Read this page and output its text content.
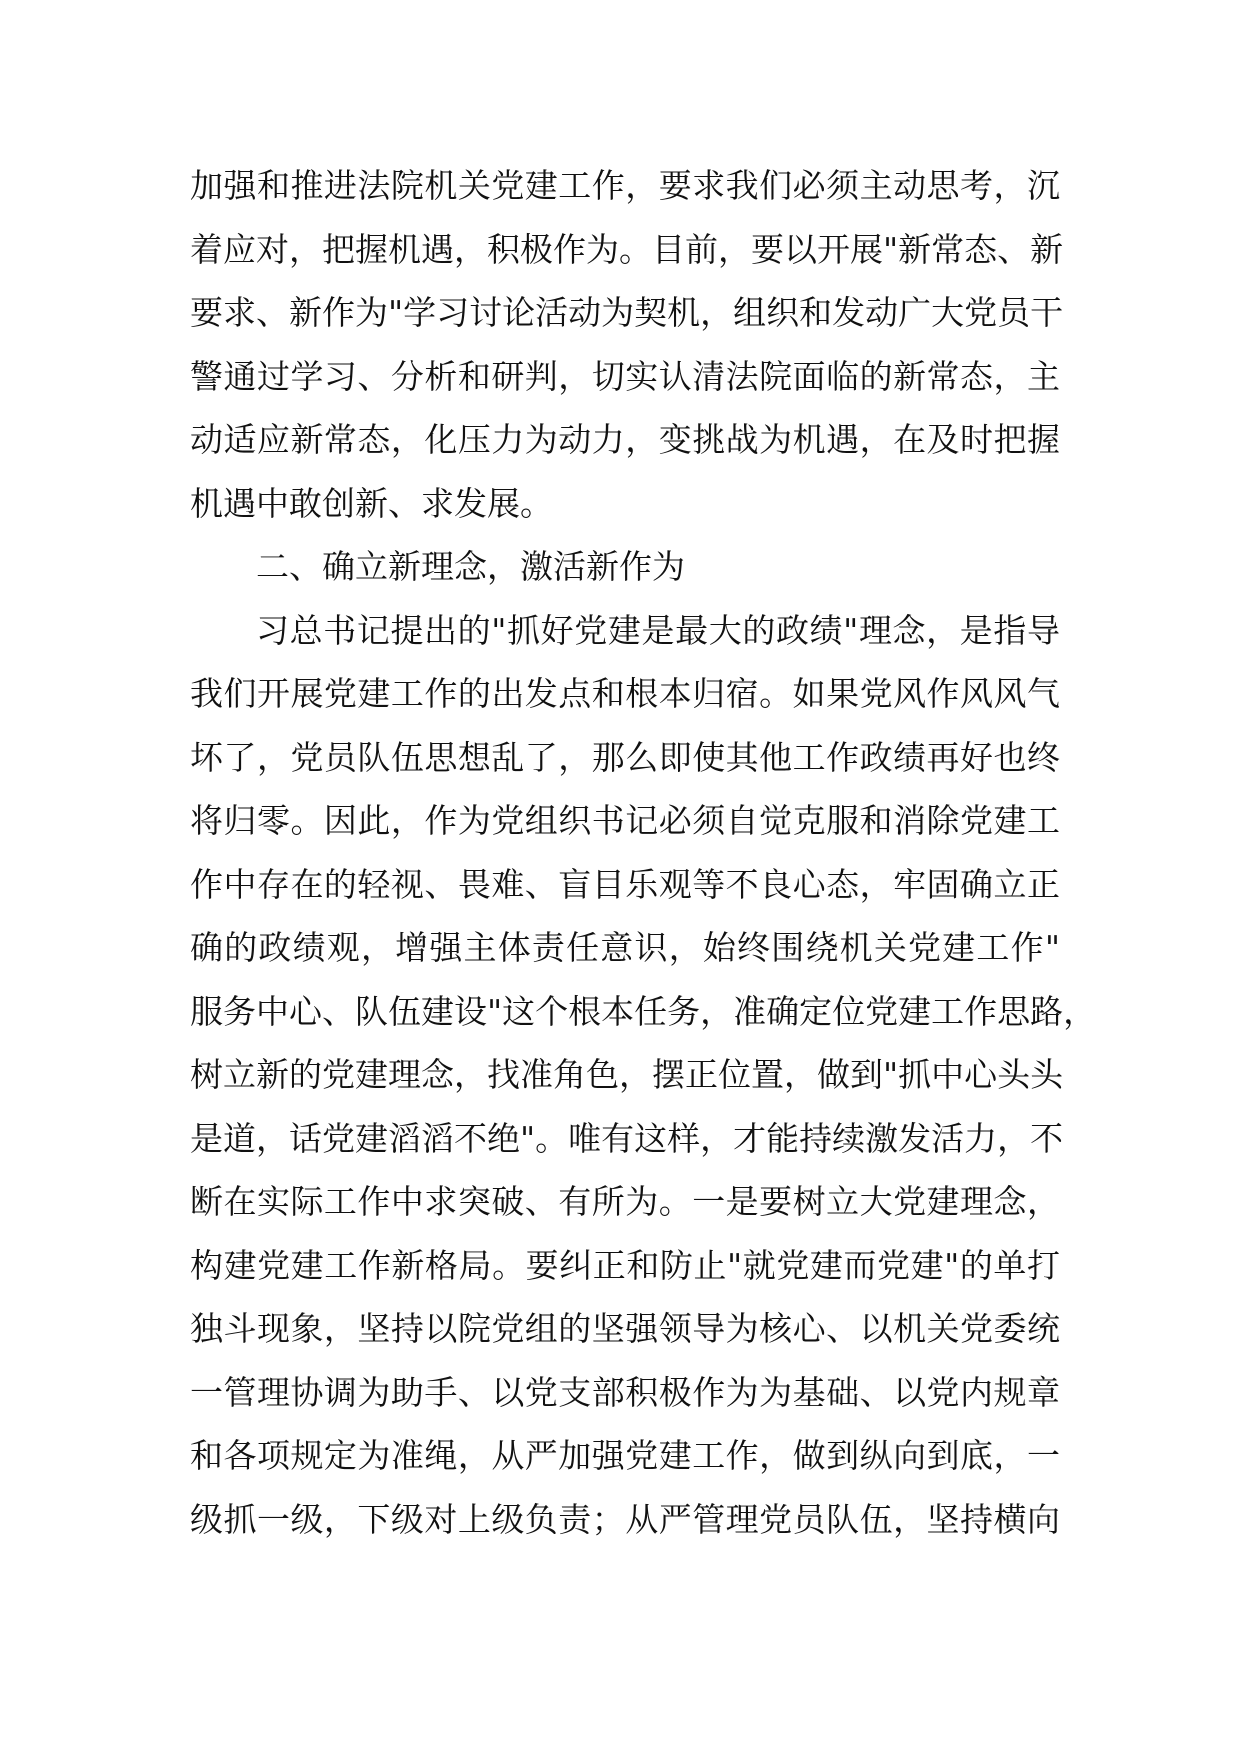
加强和推进法院机关党建工作，要求我们必须主动思考，沉
着应对，把握机遇，积极作为。目前，要以开展"新常态、新
要求、新作为"学习讨论活动为契机，组织和发动广大党员干
警通过学习、分析和研判，切实认清法院面临的新常态，主
动适应新常态，化压力为动力，变挑战为机遇，在及时把握
机遇中敢创新、求发展。
二、确立新理念，激活新作为
习总书记提出的"抓好党建是最大的政绩"理念，是指导
我们开展党建工作的出发点和根本归宿。如果党风作风风气
坏了，党员队伍思想乱了，那么即使其他工作政绩再好也终
将归零。因此，作为党组织书记必须自觉克服和消除党建工
作中存在的轻视、畏难、盲目乐观等不良心态，牢固确立正
确的政绩观，增强主体责任意识，始终围绕机关党建工作"
服务中心、队伍建设"这个根本任务，准确定位党建工作思路，
树立新的党建理念，找准角色，摆正位置，做到"抓中心头头
是道，话党建滔滔不绝"。唯有这样，才能持续激发活力，不
断在实际工作中求突破、有所为。一是要树立大党建理念，
构建党建工作新格局。要纠正和防止"就党建而党建"的单打
独斗现象，坚持以院党组的坚强领导为核心、以机关党委统
一管理协调为助手、以党支部积极作为为基础、以党内规章
和各项规定为准绳，从严加强党建工作，做到纵向到底，一
级抓一级，下级对上级负责；从严管理党员队伍，坚持横向
